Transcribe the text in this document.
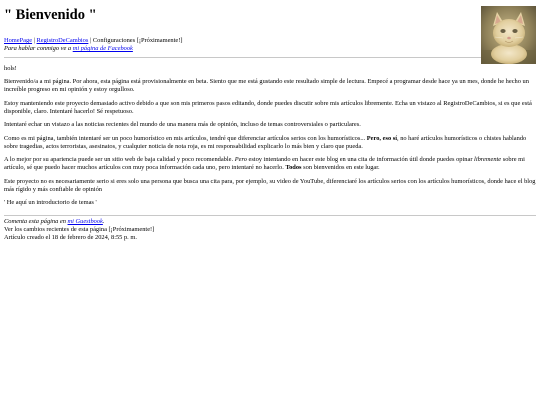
" Bienvenido "
HomePage | RegistroDeCambios | Configuraciones [¡Próximamente!]
Para hablar conmigo ve a mi página de Facebook

hols!

Bienvenido/a a mi página. Por ahora, esta página está provisionalmente en beta. Siento que me está gustando este resultado simple de lectura. Empecé a programar desde hace ya un mes, donde he hecho un increíble progreso en mi opinión y estoy orgulloso.

Estoy manteniendo este proyecto demasiado activo debido a que son mis primeros pasos editando, donde puedes discutir sobre mis artículos libremente. Echa un vistazo al RegistroDeCambios, si es que está disponible, claro. Intentaré hacerlo! Sé respetuoso.

Intentaré echar un vistazo a las noticias recientes del mundo de una manera más de opinión, incluso de temas controversiales o particulares.

Como es mi página, también intentaré ser un poco humorístico en mis artículos, tendré que diferenciar artículos serios con los humorísticos... Pero, eso sí, no haré artículos humorísticos o chistes hablando sobre tragedias, actos terroristas, asesinatos, y cualquier noticia de nota roja, es mi responsabilidad explicarlo lo más bien y claro que pueda.

A lo mejor por su apariencia puede ser un sitio web de baja calidad y poco recomendable. Pero estoy intentando en hacer este blog en una cita de información útil donde puedes opinar libremente sobre mi artículo, sé que puedo hacer muchos artículos con muy poca información cada uno, pero intentaré no hacerlo. Todos son bienvenidos en este lugar.

Este proyecto no es necesariamente serio si eres solo una persona que busca una cita para, por ejemplo, su video de YouTube, diferenciaré los artículos serios con los artículos humorísticos, donde hace el blog más rígido y más confiable de opinión

' He aquí un introductorio de temas '

Comenta esta página en mi Guestbook.
Ver los cambios recientes de esta página [¡Próximamente!]
Artículo creado el 18 de febrero de 2024, 8:55 p. m.
